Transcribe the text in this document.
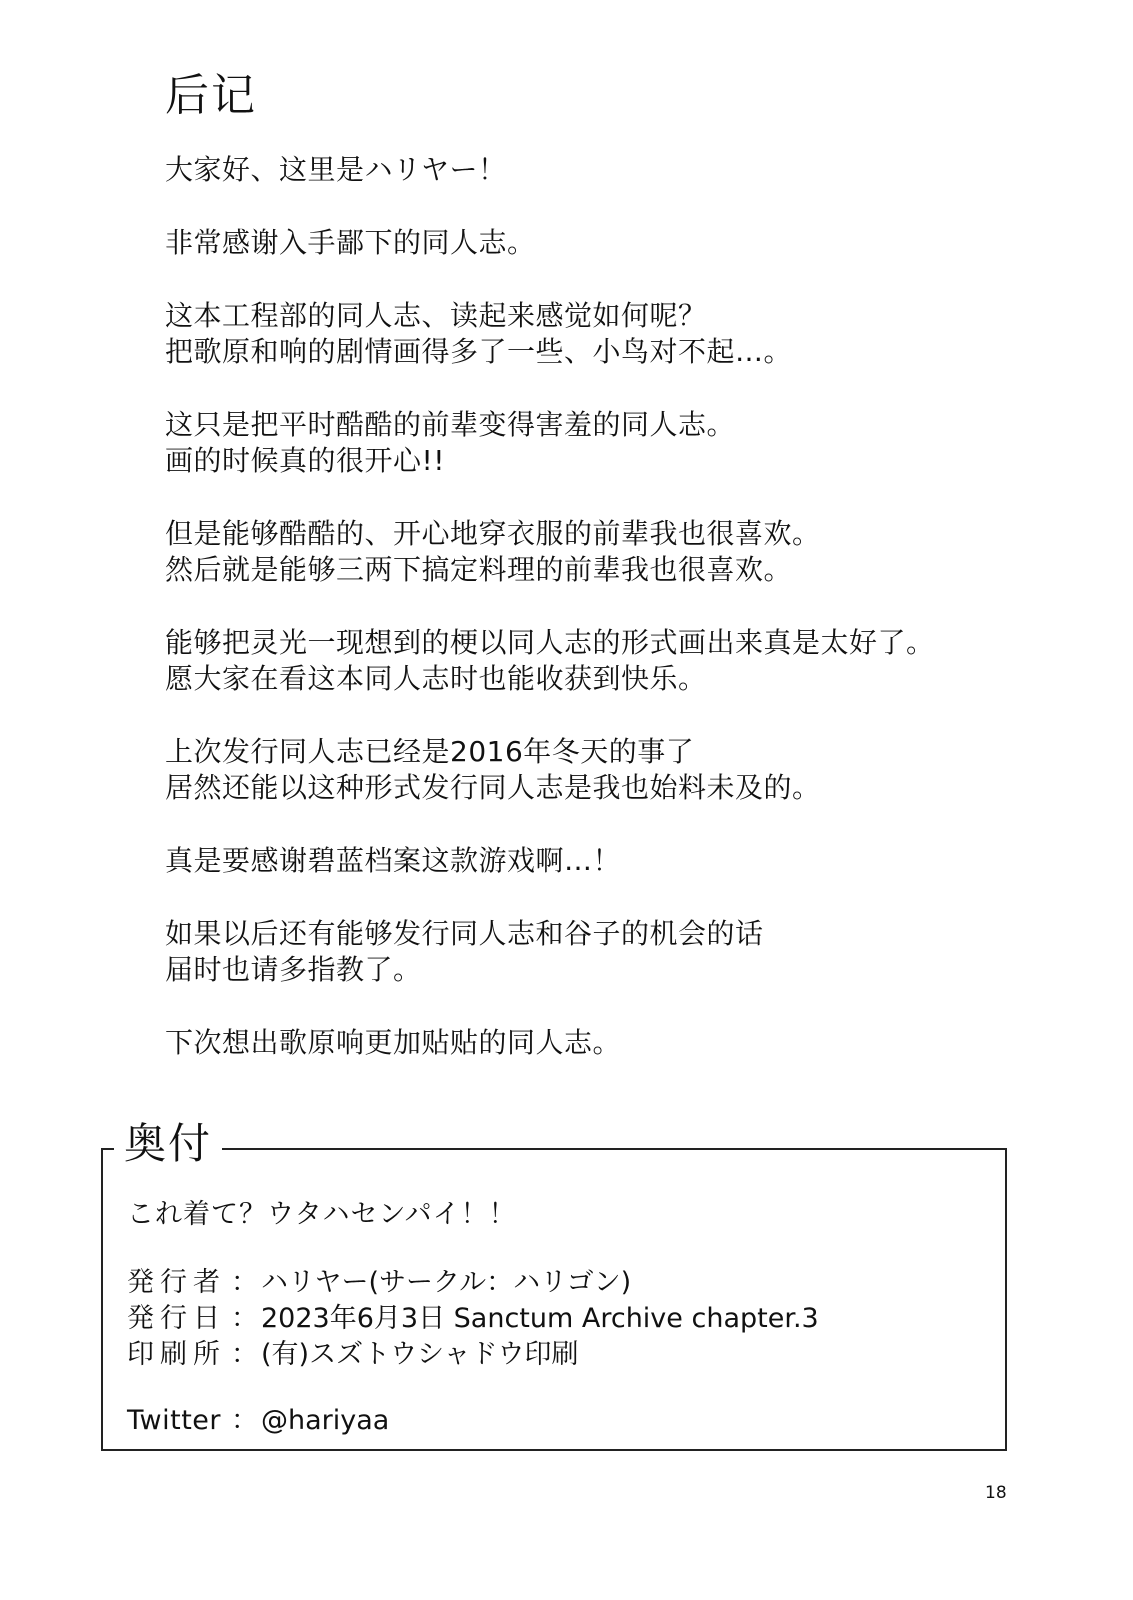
后记
大家好、这里是ハリヤー！
非常感谢入手鄙下的同人志。
这本工程部的同人志、读起来感觉如何呢？
把歌原和响的剧情画得多了一些、小鸟对不起…。
这只是把平时酷酷的前辈变得害羞的同人志。
画的时候真的很开心!!
但是能够酷酷的、开心地穿衣服的前辈我也很喜欢。
然后就是能够三两下搞定料理的前辈我也很喜欢。
能够把灵光一现想到的梗以同人志的形式画出来真是太好了。
愿大家在看这本同人志时也能收获到快乐。
上次发行同人志已经是2016年冬天的事了
居然还能以这种形式发行同人志是我也始料未及的。
真是要感谢碧蓝档案这款游戏啊…！
如果以后还有能够发行同人志和谷子的机会的话
届时也请多指教了。
下次想出歌原响更加贴贴的同人志。
奥付
これ着て？ウタハセンパイ！！
発行者 ： ハリヤー(サークル：ハリゴン)
発行日 ： 2023年6月3日 Sanctum Archive chapter.3
印刷所 ： (有)スズトウシャドウ印刷
Twitter ： @hariyaa
18
